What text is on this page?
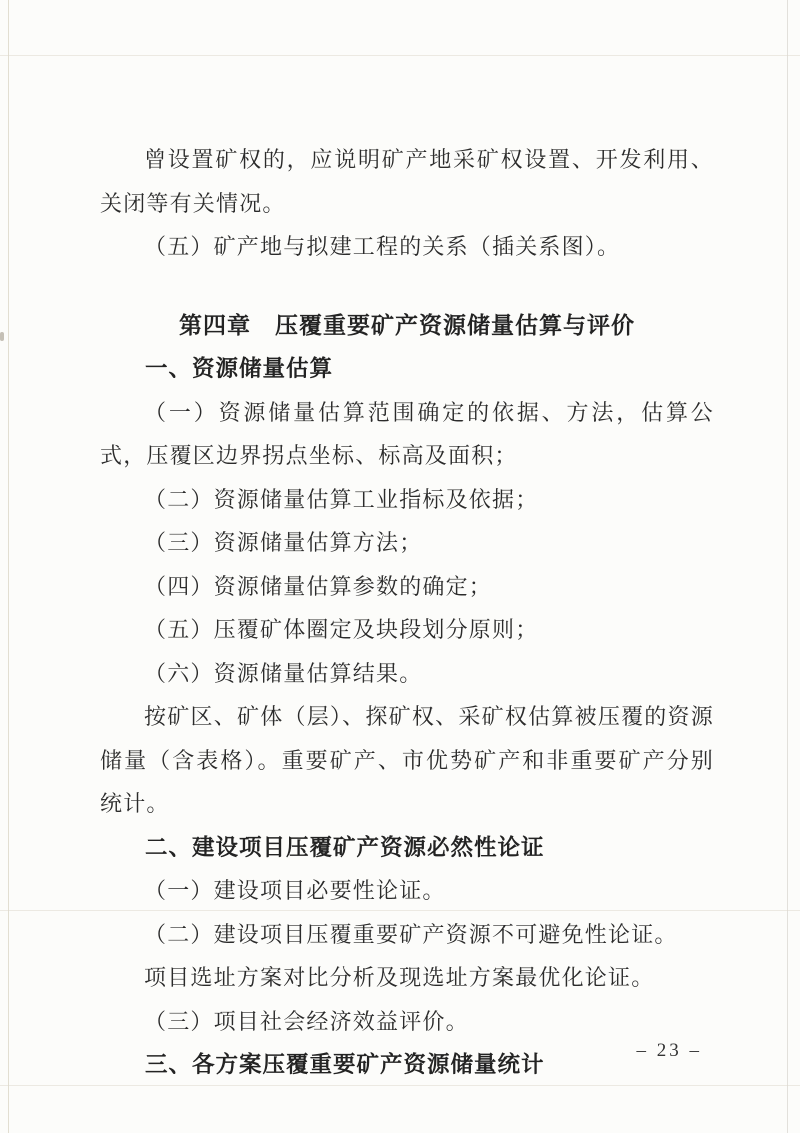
曾设置矿权的，应说明矿产地采矿权设置、开发利用、关闭等有关情况。

（五）矿产地与拟建工程的关系（插关系图）。

第四章　压覆重要矿产资源储量估算与评价

一、资源储量估算

（一）资源储量估算范围确定的依据、方法，估算公式，压覆区边界拐点坐标、标高及面积；

（二）资源储量估算工业指标及依据；

（三）资源储量估算方法；

（四）资源储量估算参数的确定；

（五）压覆矿体圈定及块段划分原则；

（六）资源储量估算结果。

按矿区、矿体（层）、探矿权、采矿权估算被压覆的资源储量（含表格）。重要矿产、市优势矿产和非重要矿产分别统计。

二、建设项目压覆矿产资源必然性论证

（一）建设项目必要性论证。

（二）建设项目压覆重要矿产资源不可避免性论证。

项目选址方案对比分析及现选址方案最优化论证。

（三）项目社会经济效益评价。

三、各方案压覆重要矿产资源储量统计

– 23 –
